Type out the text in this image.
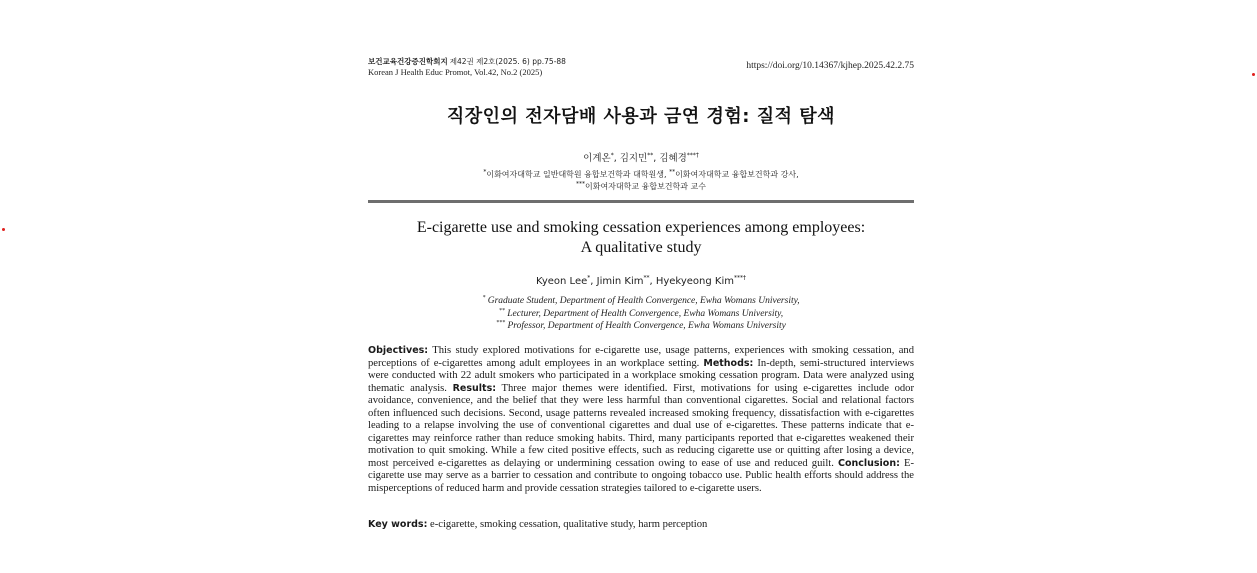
보건교육건강증진학회지 제42권 제2호(2025. 6) pp.75-88
Korean J Health Educ Promot, Vol.42, No.2 (2025)
https://doi.org/10.14367/kjhep.2025.42.2.75
직장인의 전자담배 사용과 금연 경험: 질적 탐색
이계온*, 김지민**, 김혜경***†
*이화여자대학교 일반대학원 융합보건학과 대학원생, **이화여자대학교 융합보건학과 강사,
***이화여자대학교 융합보건학과 교수
E-cigarette use and smoking cessation experiences among employees:
A qualitative study
Kyeon Lee*, Jimin Kim**, Hyekyeong Kim***†
* Graduate Student, Department of Health Convergence, Ewha Womans University,
** Lecturer, Department of Health Convergence, Ewha Womans University,
*** Professor, Department of Health Convergence, Ewha Womans University
Objectives: This study explored motivations for e-cigarette use, usage patterns, experiences with smoking cessation, and perceptions of e-cigarettes among adult employees in an workplace setting. Methods: In-depth, semi-structured interviews were conducted with 22 adult smokers who participated in a workplace smoking cessation program. Data were analyzed using thematic analysis. Results: Three major themes were identified. First, motivations for using e-cigarettes include odor avoidance, convenience, and the belief that they were less harmful than conventional cigarettes. Social and relational factors often influenced such decisions. Second, usage patterns revealed increased smoking frequency, dissatisfaction with e-cigarettes leading to a relapse involving the use of conventional cigarettes and dual use of e-cigarettes. These patterns indicate that e-cigarettes may reinforce rather than reduce smoking habits. Third, many participants reported that e-cigarettes weakened their motivation to quit smoking. While a few cited positive effects, such as reducing cigarette use or quitting after losing a device, most perceived e-cigarettes as delaying or undermining cessation owing to ease of use and reduced guilt. Conclusion: E-cigarette use may serve as a barrier to cessation and contribute to ongoing tobacco use. Public health efforts should address the misperceptions of reduced harm and provide cessation strategies tailored to e-cigarette users.
Key words: e-cigarette, smoking cessation, qualitative study, harm perception
